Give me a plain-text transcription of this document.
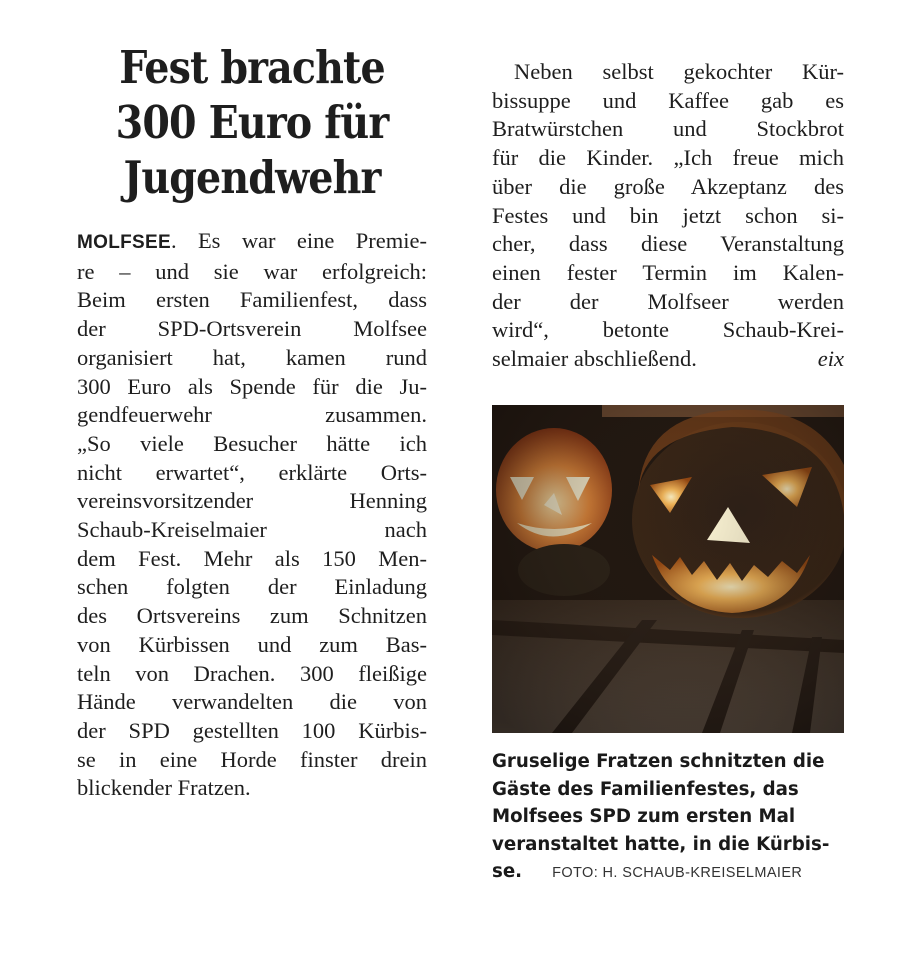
Fest brachte
300 Euro für
Jugendwehr

MOLFSEE. Es war eine Premie-
re – und sie war erfolgreich:
Beim ersten Familienfest, dass
der SPD-Ortsverein Molfsee
organisiert hat, kamen rund
300 Euro als Spende für die Ju-
gendfeuerwehr zusammen.
„So viele Besucher hätte ich
nicht erwartet“, erklärte Orts-
vereinsvorsitzender Henning
Schaub-Kreiselmaier nach
dem Fest. Mehr als 150 Men-
schen folgten der Einladung
des Ortsvereins zum Schnitzen
von Kürbissen und zum Bas-
teln von Drachen. 300 fleißige
Hände verwandelten die von
der SPD gestellten 100 Kürbis-
se in eine Horde finster drein
blickender Fratzen.

Neben selbst gekochter Kür-
bissuppe und Kaffee gab es
Bratwürstchen und Stockbrot
für die Kinder. „Ich freue mich
über die große Akzeptanz des
Festes und bin jetzt schon si-
cher, dass diese Veranstaltung
einen fester Termin im Kalen-
der der Molfseer werden
wird“, betonte Schaub-Krei-
selmaier abschließend.	eix

Gruselige Fratzen schnitzten die
Gäste des Familienfestes, das
Molfsees SPD zum ersten Mal
veranstaltet hatte, in die Kürbis-
se. FOTO: H. SCHAUB-KREISELMAIER
